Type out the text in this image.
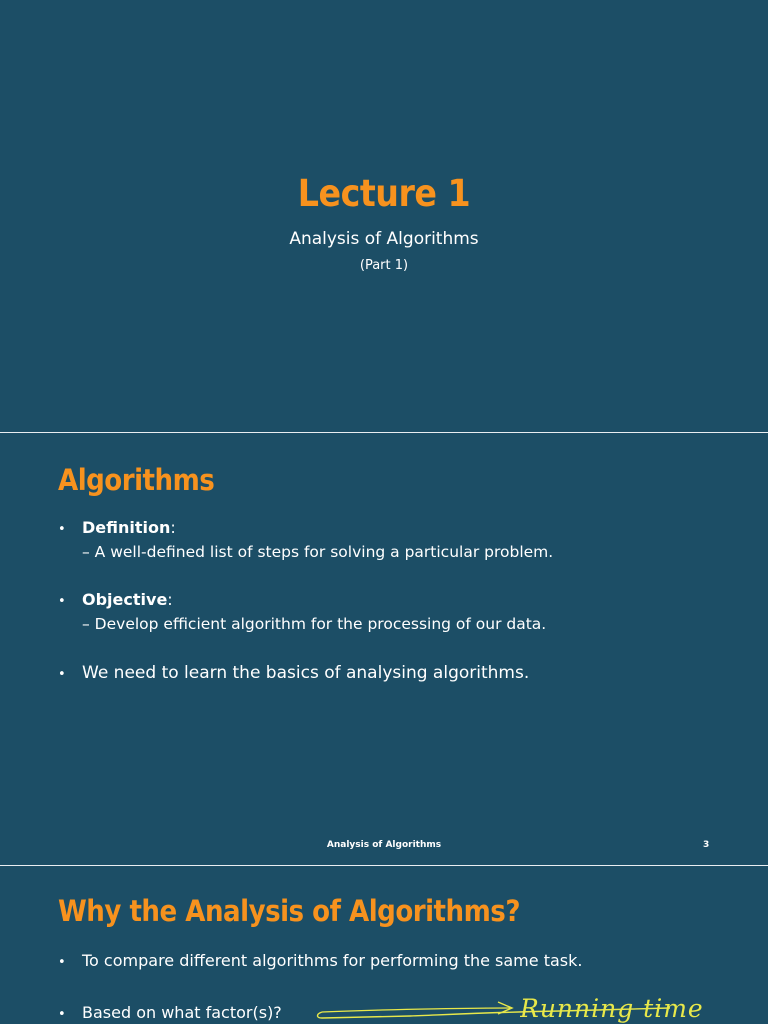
Lecture 1
Analysis of Algorithms
(Part 1)
Algorithms
• Definition:
– A well-defined list of steps for solving a particular problem.
• Objective:
– Develop efficient algorithm for the processing of our data.
• We need to learn the basics of analysing algorithms.
Analysis of Algorithms	3
Why the Analysis of Algorithms?
• To compare different algorithms for performing the same task.
• Based on what factor(s)?	Running time
